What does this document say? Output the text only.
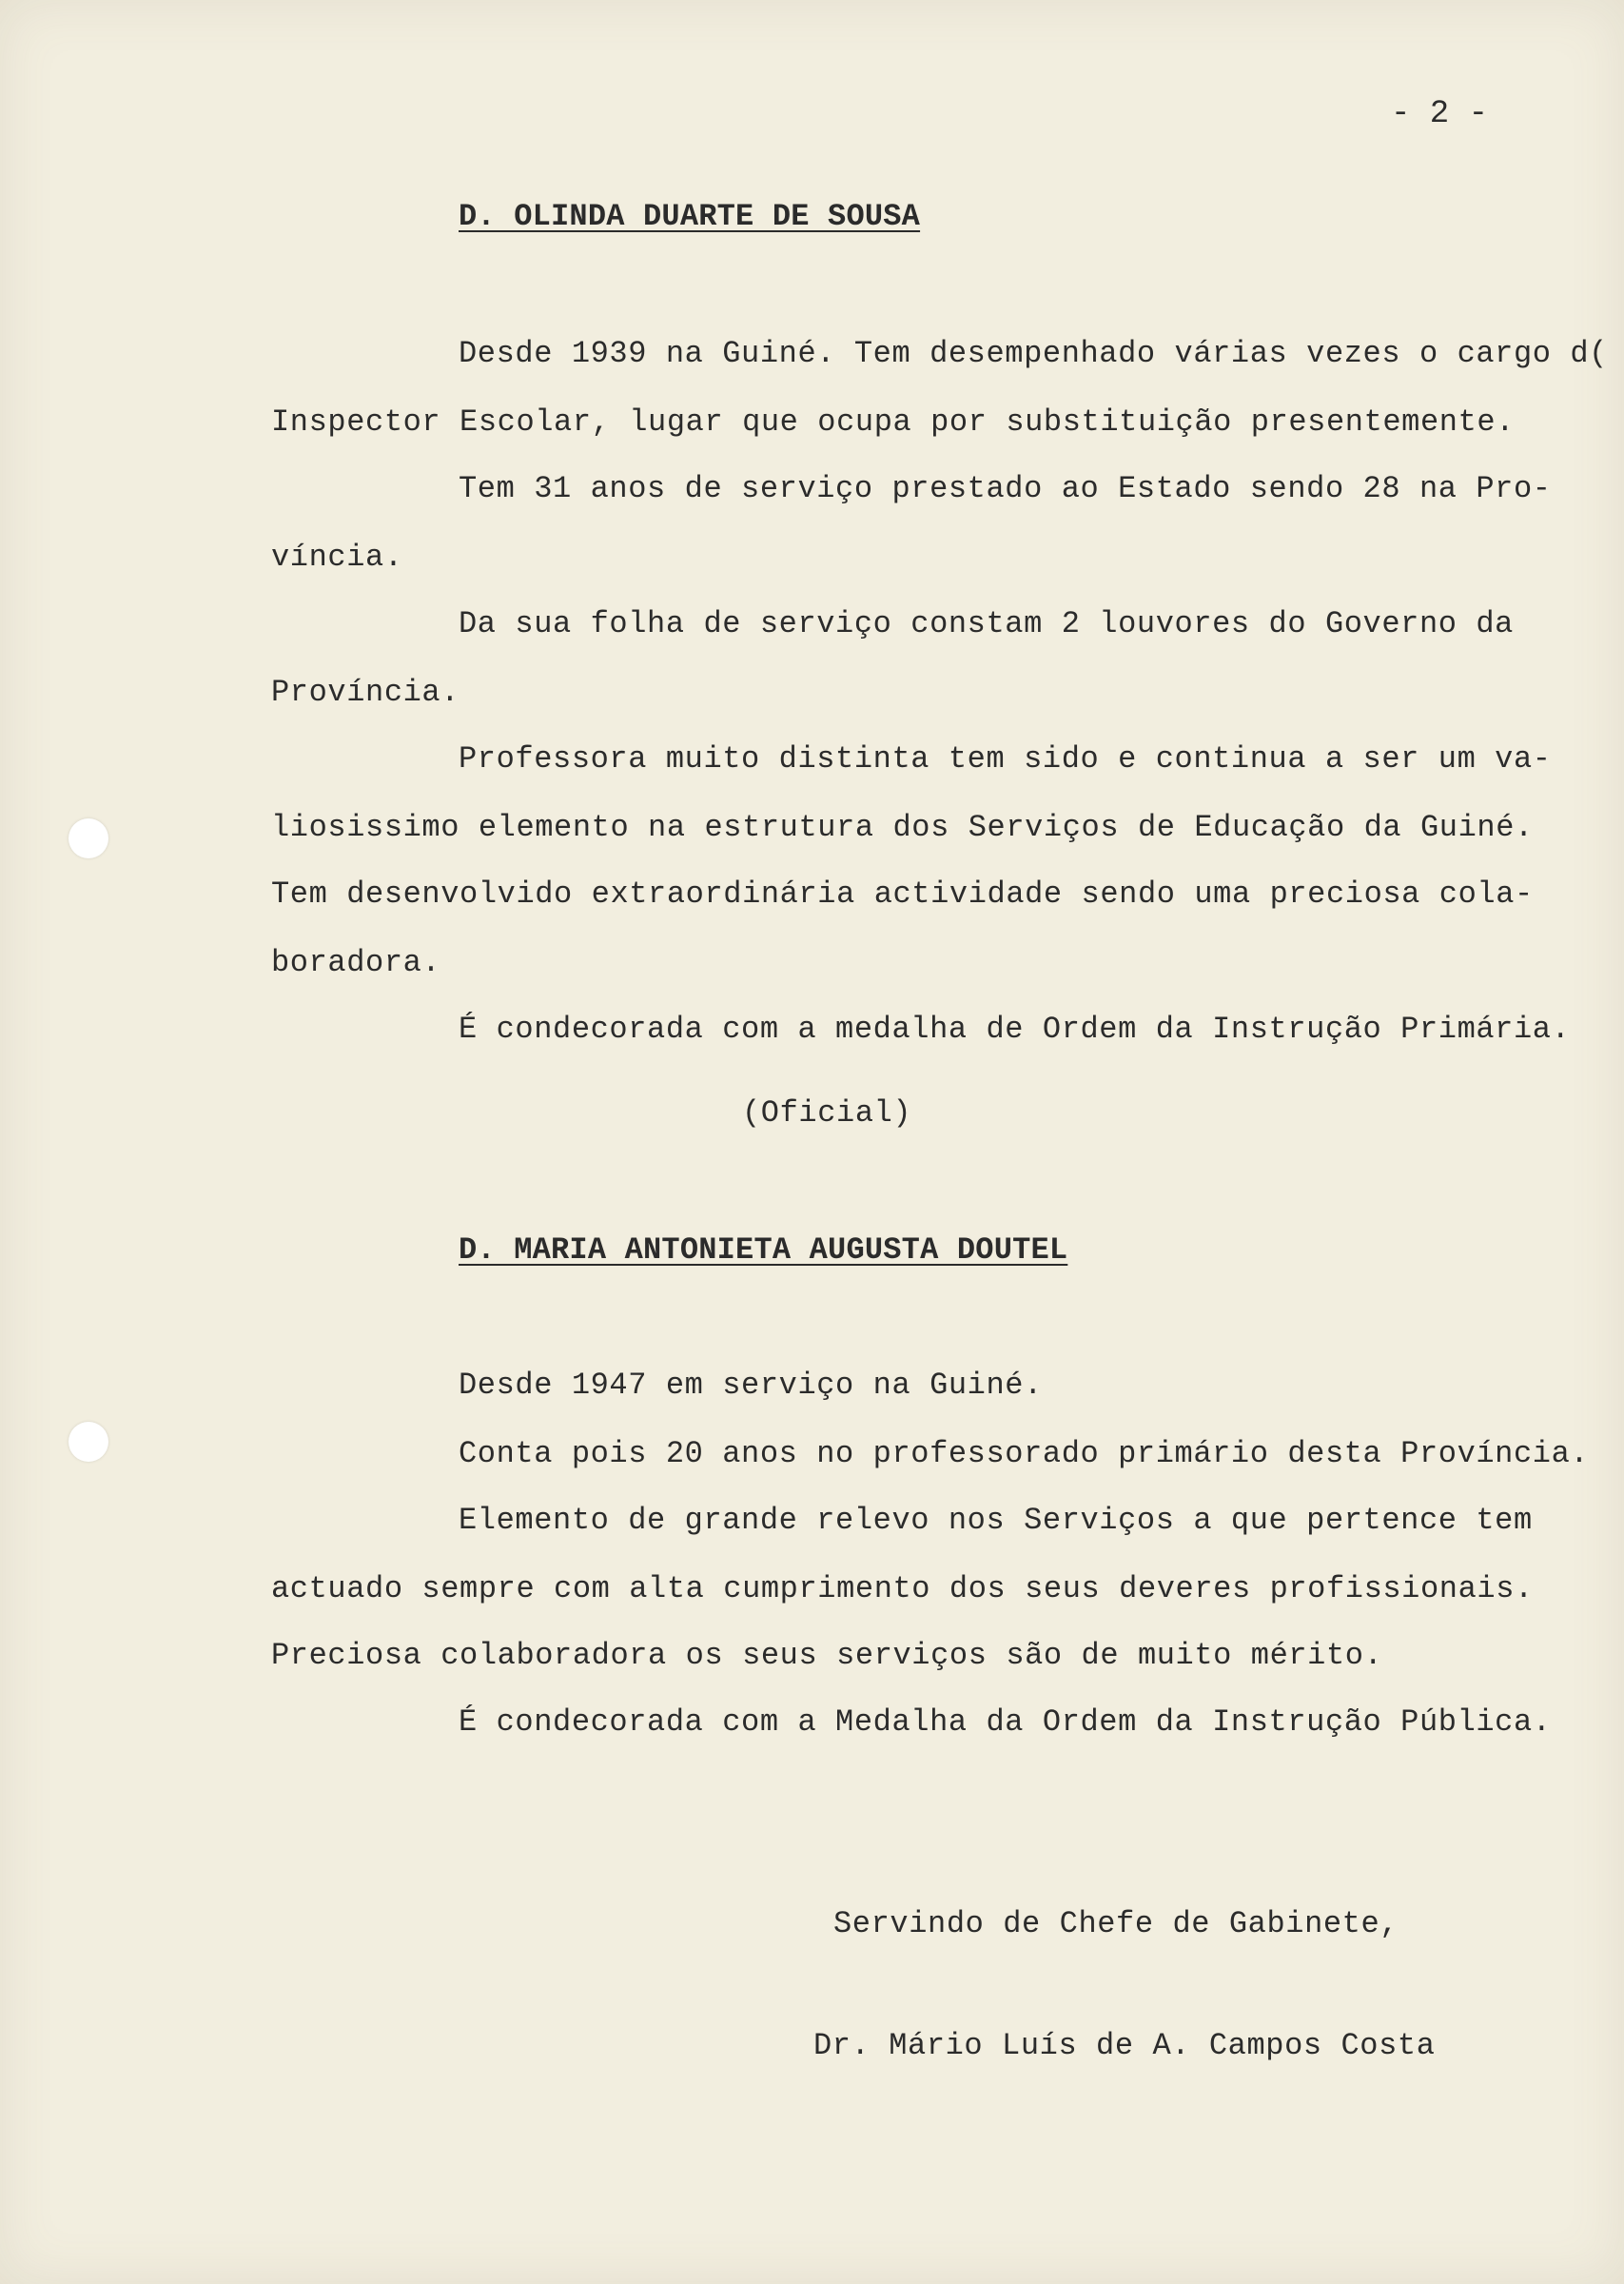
- 2 -
D. OLINDA DUARTE DE SOUSA
Desde 1939 na Guiné. Tem desempenhado várias vezes o cargo d(
Inspector Escolar, lugar que ocupa por substituição presentemente.
Tem 31 anos de serviço prestado ao Estado sendo 28 na Pro-
víncia.
Da sua folha de serviço constam 2 louvores do Governo da
Província.
Professora muito distinta tem sido e continua a ser um va-
liosissimo elemento na estrutura dos Serviços de Educação da Guiné.
Tem desenvolvido extraordinária actividade sendo uma preciosa cola-
boradora.
É condecorada com a medalha de Ordem da Instrução Primária.
(Oficial)
D. MARIA ANTONIETA AUGUSTA DOUTEL
Desde 1947 em serviço na Guiné.
Conta pois 20 anos no professorado primário desta Província.
Elemento de grande relevo nos Serviços a que pertence tem
actuado sempre com alta cumprimento dos seus deveres profissionais.
Preciosa colaboradora os seus serviços são de muito mérito.
É condecorada com a Medalha da Ordem da Instrução Pública.
Servindo de Chefe de Gabinete,
Dr. Mário Luís de A. Campos Costa
